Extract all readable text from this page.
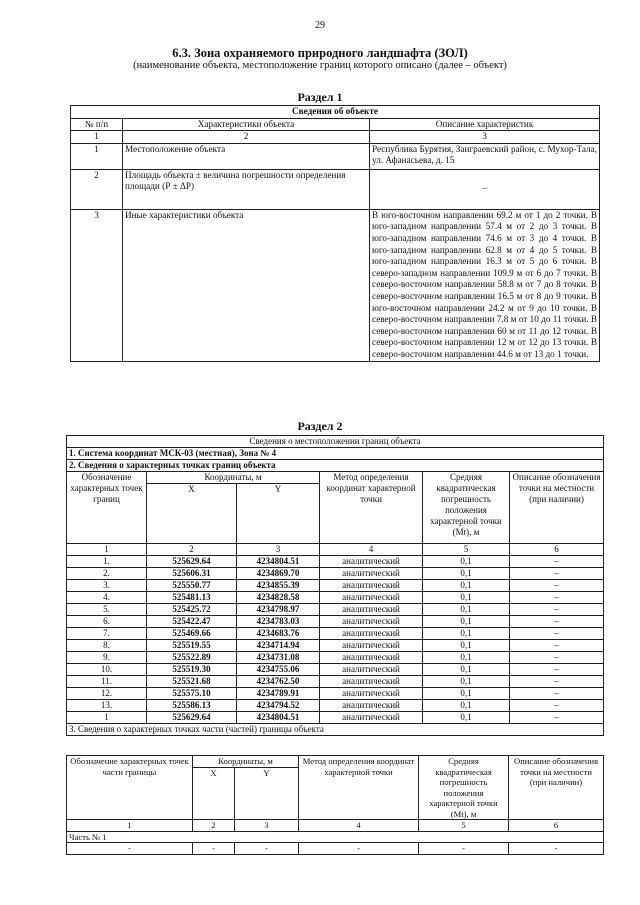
29
6.3. Зона охраняемого природного ландшафта (ЗОЛ)
(наименование объекта, местоположение границ которого описано (далее – объект)
Раздел 1
Сведения об объекте		
№ п/п	Характеристики объекта	Описание характеристик
1	2	3
1	Местоположение объекта	Республика Бурятия, Заиграевский район, с. Мухор-Тала, ул. Афанасьева, д. 15
2	Площадь объекта ± величина погрешности определения площади (Р ± ΔР)	–
3	Иные характеристики объекта	В юго-восточном направлении 69.2 м от 1 до 2 точки. В юго-западном направлении 57.4 м от 2 до 3 точки. В юго-западном направлении 74.6 м от 3 до 4 точки. В юго-западном направлении 62.8 м от 4 до 5 точки. В юго-западном направлении 16.3 м от 5 до 6 точки. В северо-западном направлении 109.9 м от 6 до 7 точки. В северо-восточном направлении 58.8 м от 7 до 8 точки. В северо-восточном направлении 16.5 м от 8 до 9 точки. В юго-восточном направлении 24.2 м от 9 до 10 точки. В северо-восточном направлении 7.8 м от 10 до 11 точки. В северо-восточном направлении 60 м от 11 до 12 точки. В северо-восточном направлении 12 м от 12 до 13 точки. В северо-восточном направлении 44.6 м от 13 до 1 точки.
Раздел 2
Сведения о местоположении границ объекта					
1. Система координат МСК-03 (местная), Зона № 4					
2. Сведения о характерных точках границ объекта					
Обозначение характерных точек границ	Координаты, м		Метод определения координат характерной точки	Средняя квадратическая погрешность положения характерной точки (Мt), м	Описание обозначения точки на местности (при наличии)
	X	Y			
1	2	3	4	5	6
1.	525629.64	4234804.51	аналитический	0,1	–
2.	525606.31	4234869.70	аналитический	0,1	–
3.	525550.77	4234855.39	аналитический	0,1	–
4.	525481.13	4234828.58	аналитический	0,1	–
5.	525425.72	4234798.97	аналитический	0,1	–
6.	525422.47	4234783.03	аналитический	0,1	–
7.	525469.66	4234683.76	аналитический	0,1	–
8.	525519.55	4234714.94	аналитический	0,1	–
9.	525522.89	4234731.08	аналитический	0,1	–
10.	525519.30	4234755.06	аналитический	0,1	–
11.	525521.68	4234762.50	аналитический	0,1	–
12.	525575.10	4234789.91	аналитический	0,1	–
13.	525586.13	4234794.52	аналитический	0,1	–
1	525629.64	4234804.51	аналитический	0,1	–
3. Сведения о характерных точках части (частей) границы объекта					
Обозначение характерных точек части границы	Координаты, м		Метод определения координат характерной точки	Средняя квадратическая погрешность положения характерной точки (Мt), м	Описание обозначения точки на местности (при наличии)
	X	Y			
1	2	3	4	5	6
Часть № 1					
-	-	-	-	-	-
